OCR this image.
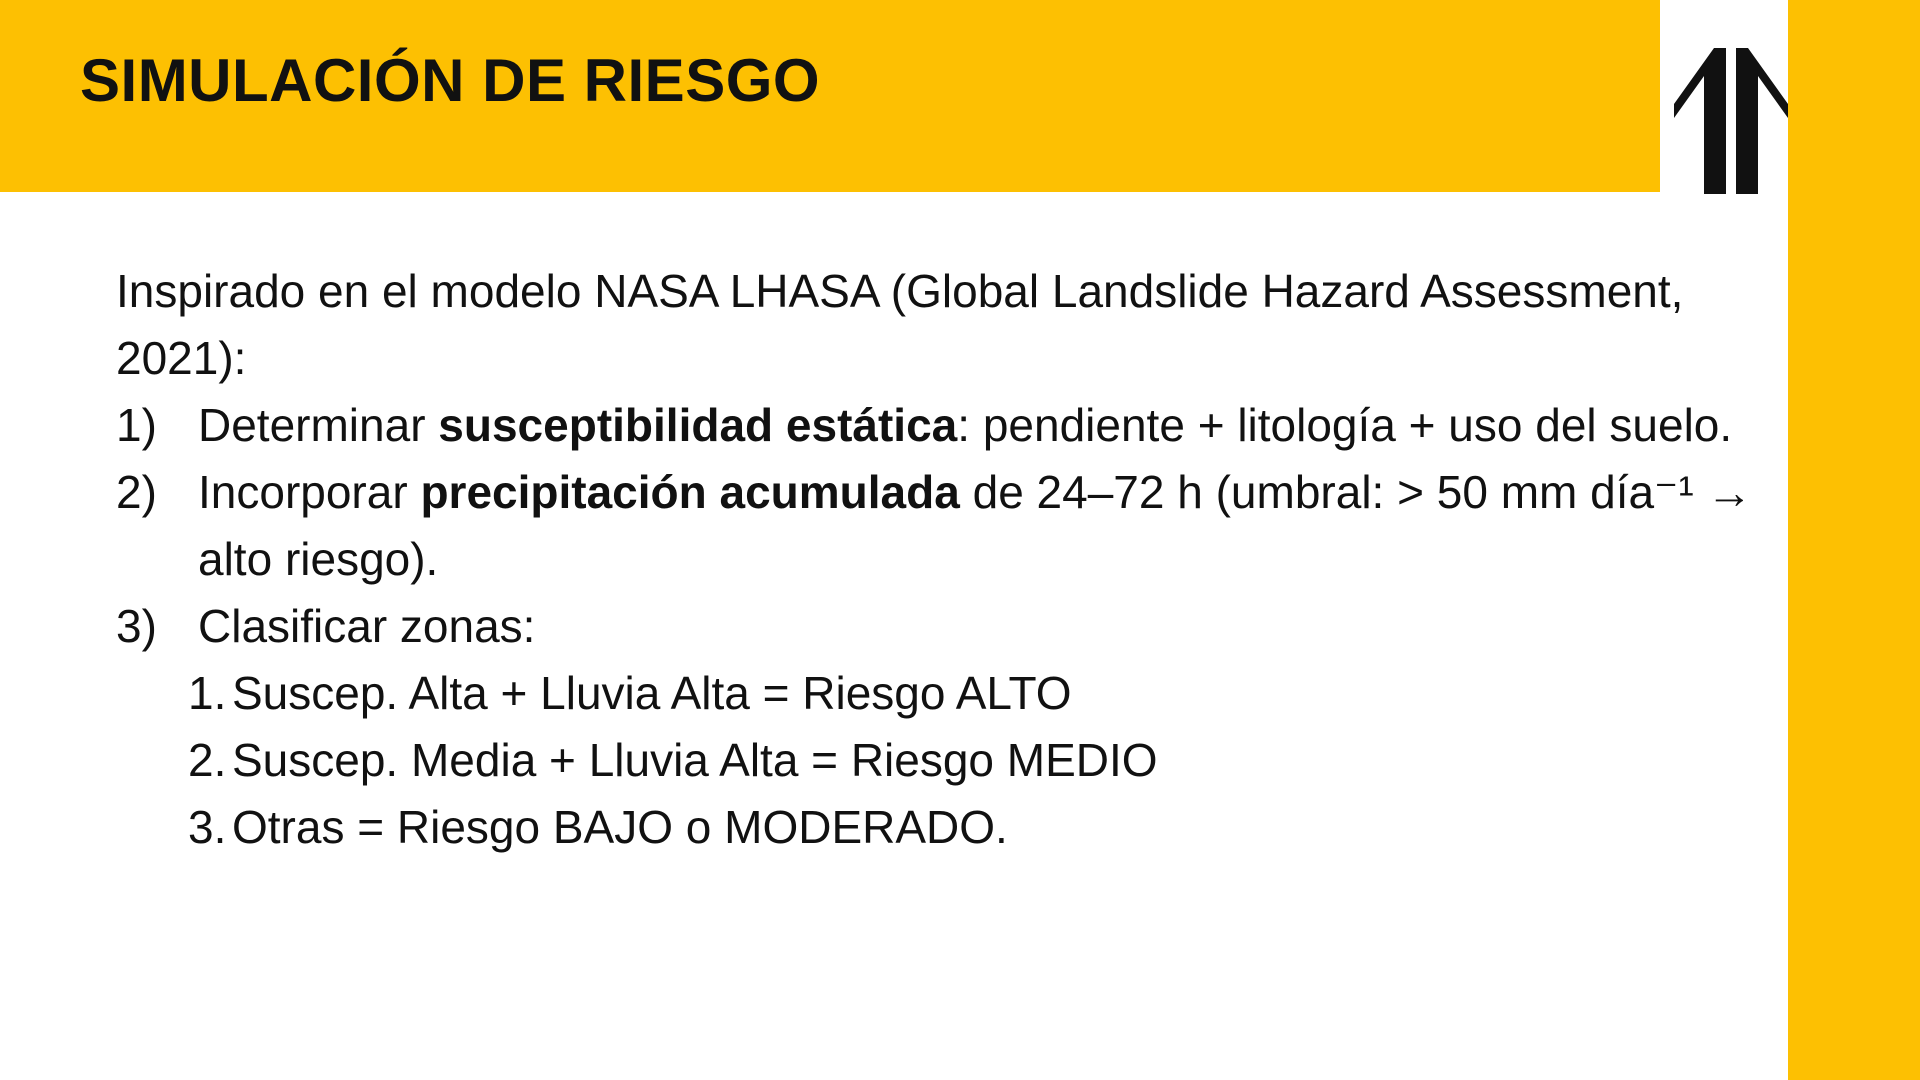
SIMULACIÓN DE RIESGO

Inspirado en el modelo NASA LHASA (Global Landslide Hazard Assessment, 2021):

1) Determinar susceptibilidad estática: pendiente + litología + uso del suelo.

2) Incorporar precipitación acumulada de 24–72 h (umbral: > 50 mm día⁻¹ → alto riesgo).

3) Clasificar zonas:

1. Suscep. Alta + Lluvia Alta = Riesgo ALTO

2. Suscep. Media + Lluvia Alta = Riesgo MEDIO

3. Otras = Riesgo BAJO o MODERADO.
